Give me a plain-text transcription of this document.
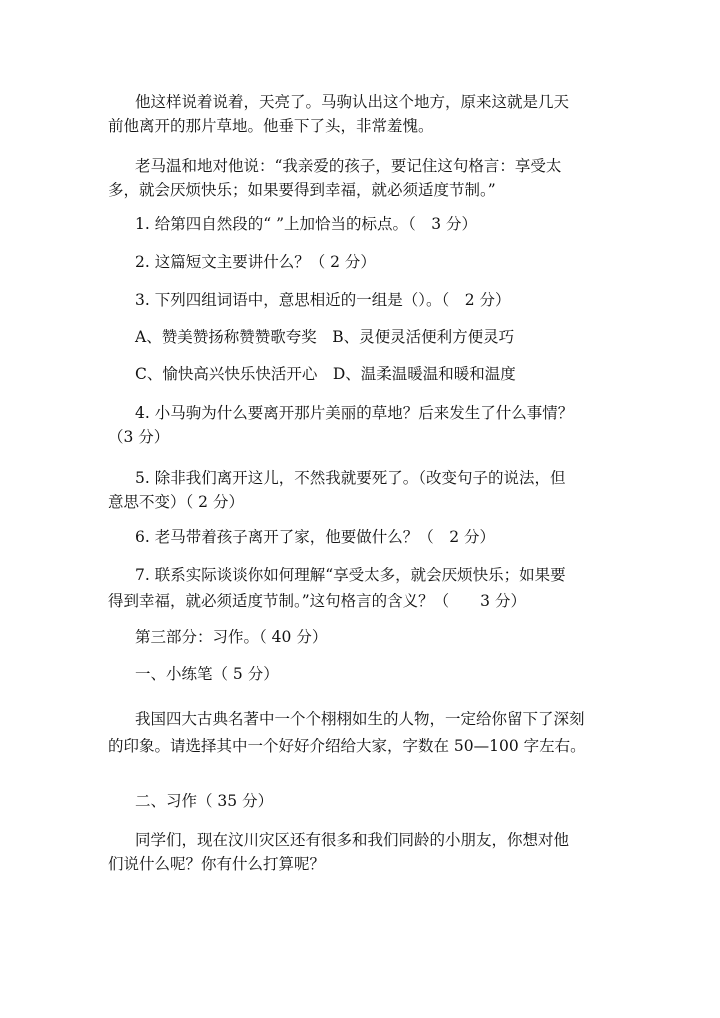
他这样说着说着，天亮了。马驹认出这个地方，原来这就是几天
前他离开的那片草地。他垂下了头，非常羞愧。
老马温和地对他说：“我亲爱的孩子，要记住这句格言：享受太
多，就会厌烦快乐；如果要得到幸福，就必须适度节制。”
1. 给第四自然段的“ ”上加恰当的标点。（　3 分）
2. 这篇短文主要讲什么？（ 2 分）
3. 下列四组词语中，意思相近的一组是（）。（　2 分）
A、赞美赞扬称赞赞歌夸奖　B、灵便灵活便利方便灵巧
C、愉快高兴快乐快活开心　D、温柔温暖温和暖和温度
4. 小马驹为什么要离开那片美丽的草地？后来发生了什么事情？
（3 分）
5. 除非我们离开这儿，不然我就要死了。（改变句子的说法，但
意思不变）（ 2 分）
6. 老马带着孩子离开了家，他要做什么？（　2 分）
7. 联系实际谈谈你如何理解“享受太多，就会厌烦快乐；如果要
得到幸福，就必须适度节制。”这句格言的含义？（　　3 分）
第三部分：习作。（ 40 分）
一、小练笔（ 5 分）
我国四大古典名著中一个个栩栩如生的人物，一定给你留下了深刻
的印象。请选择其中一个好好介绍给大家，字数在 50—100 字左右。
二、习作（ 35 分）
同学们，现在汶川灾区还有很多和我们同龄的小朋友，你想对他
们说什么呢？你有什么打算呢？
